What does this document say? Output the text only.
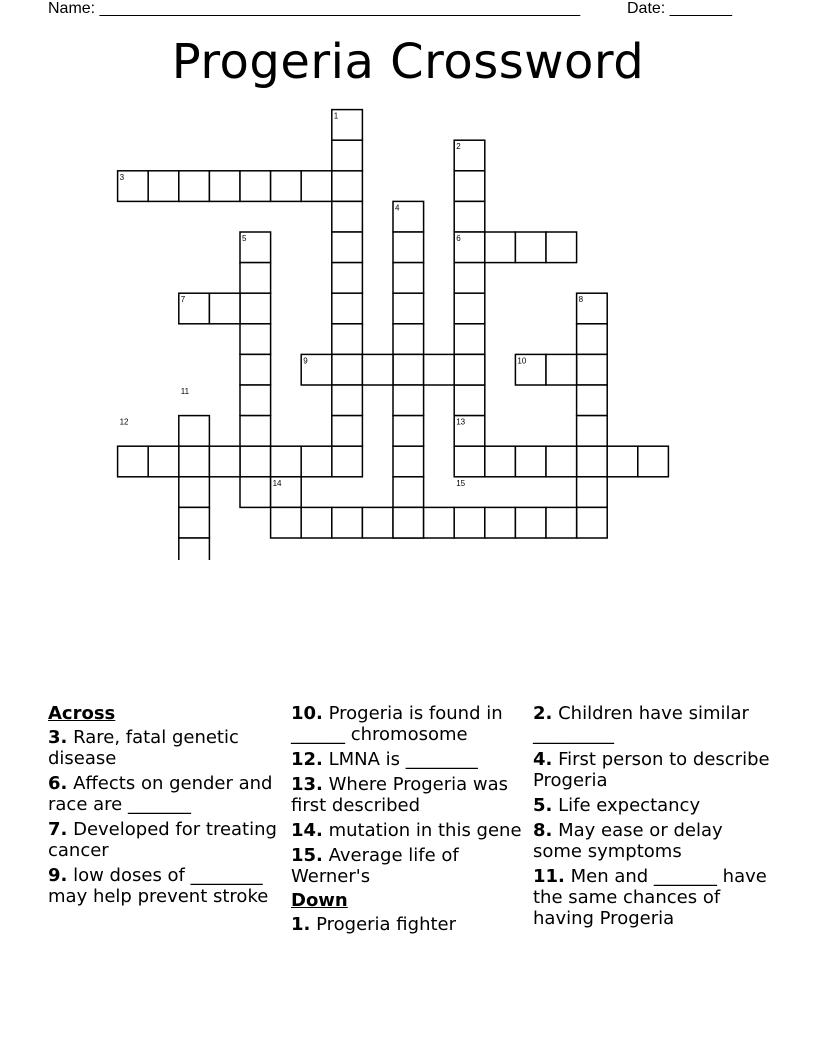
Name: ______________________________________________________	Date: _______
Progeria Crossword
1
2
3
4
5	6
7	8
9	10
11
12	13
14	15
Across
3. Rare, fatal genetic disease
6. Affects on gender and race are _______
7. Developed for treating cancer
9. low doses of ________ may help prevent stroke
10. Progeria is found in ______ chromosome
12. LMNA is ________
13. Where Progeria was first described
14. mutation in this gene
15. Average life of Werner's
Down
1. Progeria fighter
2. Children have similar _________
4. First person to describe Progeria
5. Life expectancy
8. May ease or delay some symptoms
11. Men and _______ have the same chances of having Progeria
